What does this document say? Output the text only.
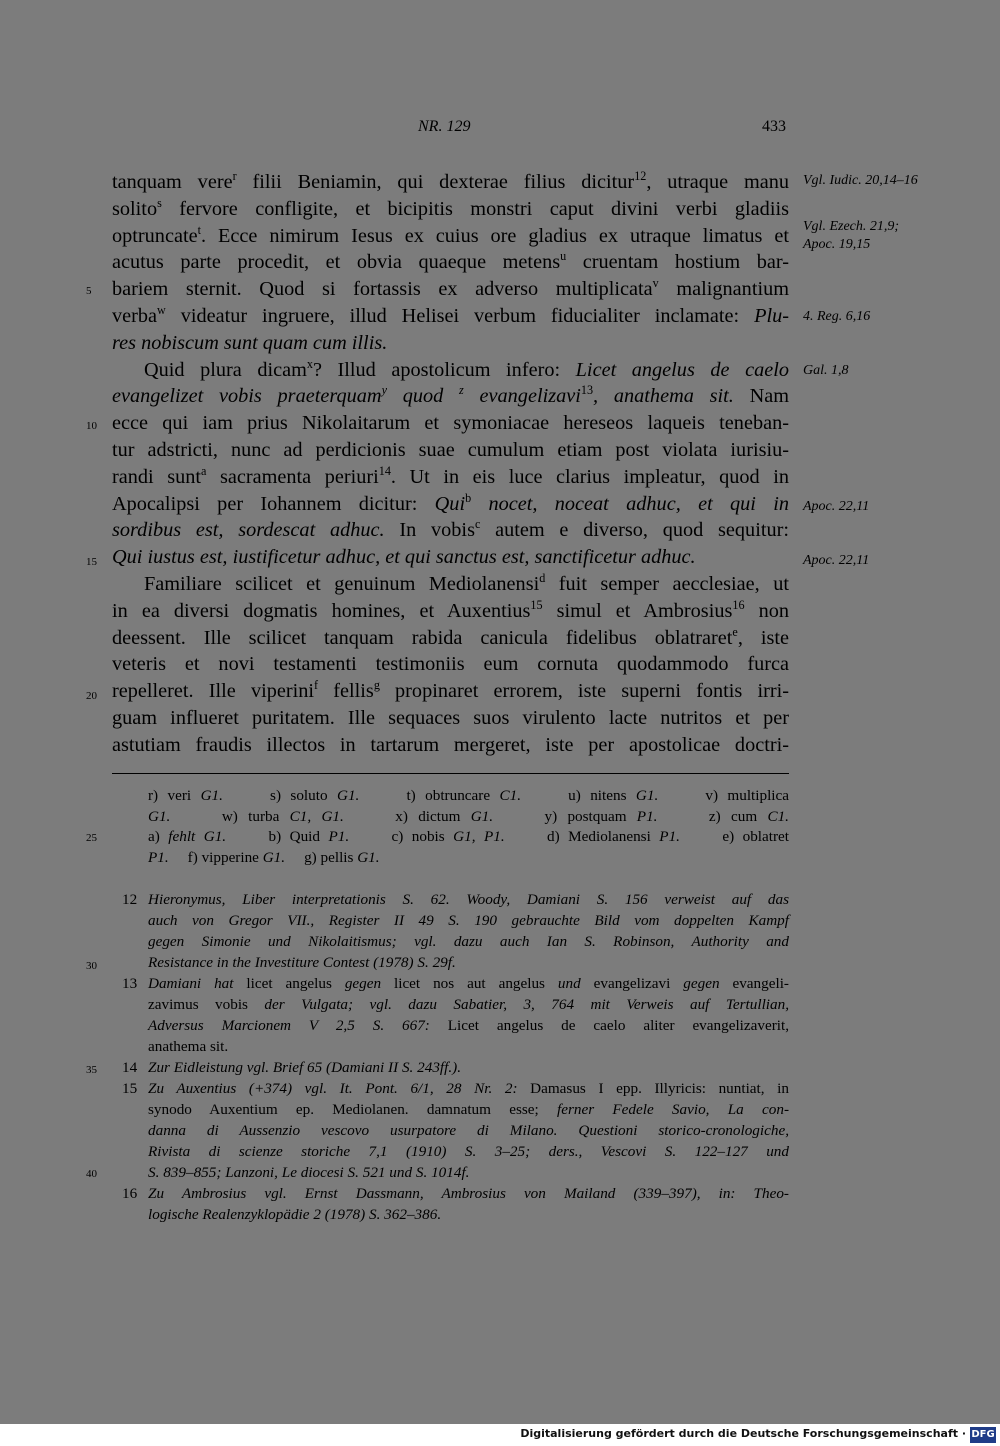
NR. 129	433
tanquam vere$^r$ filii Beniamin, qui dexterae filius dicitur$^{12}$, utraque manu
solito$^s$ fervore confligite, et bicipitis monstri caput divini verbi gladiis
optruncate$^t$. Ecce nimirum Iesus ex cuius ore gladius ex utraque limatus et
acutus parte procedit, et obvia quaeque metens$^u$ cruentam hostium bar-
bariem sternit. Quod si fortassis ex adverso multiplicata$^v$ malignantium
verba$^w$ videatur ingruere, illud Helisei verbum fiducialiter inclamate: Plu-
res nobiscum sunt quam cum illis.
Quid plura dicam$^x$? Illud apostolicum infero: Licet angelus de caelo
evangelizet vobis praeterquam$^y$ quod $^z$ evangelizavi$^{13}$, anathema sit. Nam
ecce qui iam prius Nikolaitarum et symoniacae hereseos laqueis teneban-
tur adstricti, nunc ad perdicionis suae cumulum etiam post violata iurisiu-
randi sunt$^a$ sacramenta periuri$^{14}$. Ut in eis luce clarius impleatur, quod in
Apocalipsi per Iohannem dicitur: Qui$^b$ nocet, noceat adhuc, et qui in
sordibus est, sordescat adhuc. In vobis$^c$ autem e diverso, quod sequitur:
Qui iustus est, iustificetur adhuc, et qui sanctus est, sanctificetur adhuc.
Familiare scilicet et genuinum Mediolanensi$^d$ fuit semper aecclesiae, ut
in ea diversi dogmatis homines, et Auxentius$^{15}$ simul et Ambrosius$^{16}$ non
deessent. Ille scilicet tanquam rabida canicula fidelibus oblatraret$^e$, iste
veteris et novi testamenti testimoniis eum cornuta quodammodo furca
repelleret. Ille viperini$^f$ fellis$^g$ propinaret errorem, iste superni fontis irri-
guam influeret puritatem. Ille sequaces suos virulento lacte nutritos et per
astutiam fraudis illectos in tartarum mergeret, iste per apostolicae doctri-
5
10
15
20
25
30
35
40
Vgl. Iudic. 20,14–16
Vgl. Ezech. 21,9;
Apoc. 19,15
4. Reg. 6,16
Gal. 1,8
Apoc. 22,11
Apoc. 22,11
r) veri G1.     s) soluto G1.     t) obtruncare C1.     u) nitens G1.     v) multiplica
G1.     w) turba C1, G1.     x) dictum G1.     y) postquam P1.     z) cum C1.
a) fehlt G1.     b) Quid P1.     c) nobis G1, P1.     d) Mediolanensi P1.     e) oblatret
P1.     f) vipperine G1.     g) pellis G1.
12 Hieronymus, Liber interpretationis S. 62. Woody, Damiani S. 156 verweist auf das
auch von Gregor VII., Register II 49 S. 190 gebrauchte Bild vom doppelten Kampf
gegen Simonie und Nikolaitismus; vgl. dazu auch Ian S. Robinson, Authority and
Resistance in the Investiture Contest (1978) S. 29f.
13 Damiani hat licet angelus gegen licet nos aut angelus und evangelizavi gegen evangeli-
zavimus vobis der Vulgata; vgl. dazu Sabatier, 3, 764 mit Verweis auf Tertullian,
Adversus Marcionem V 2,5 S. 667: Licet angelus de caelo aliter evangelizaverit,
anathema sit.
14 Zur Eidleistung vgl. Brief 65 (Damiani II S. 243ff.).
15 Zu Auxentius (+374) vgl. It. Pont. 6/1, 28 Nr. 2: Damasus I epp. Illyricis: nuntiat, in
synodo Auxentium ep. Mediolanen. damnatum esse; ferner Fedele Savio, La con-
danna di Aussenzio vescovo usurpatore di Milano. Questioni storico-cronologiche,
Rivista di scienze storiche 7,1 (1910) S. 3–25; ders., Vescovi S. 122–127 und
S. 839–855; Lanzoni, Le diocesi S. 521 und S. 1014f.
16 Zu Ambrosius vgl. Ernst Dassmann, Ambrosius von Mailand (339–397), in: Theo-
logische Realenzyklopädie 2 (1978) S. 362–386.
Digitalisierung gefördert durch die Deutsche Forschungsgemeinschaft · DFG
